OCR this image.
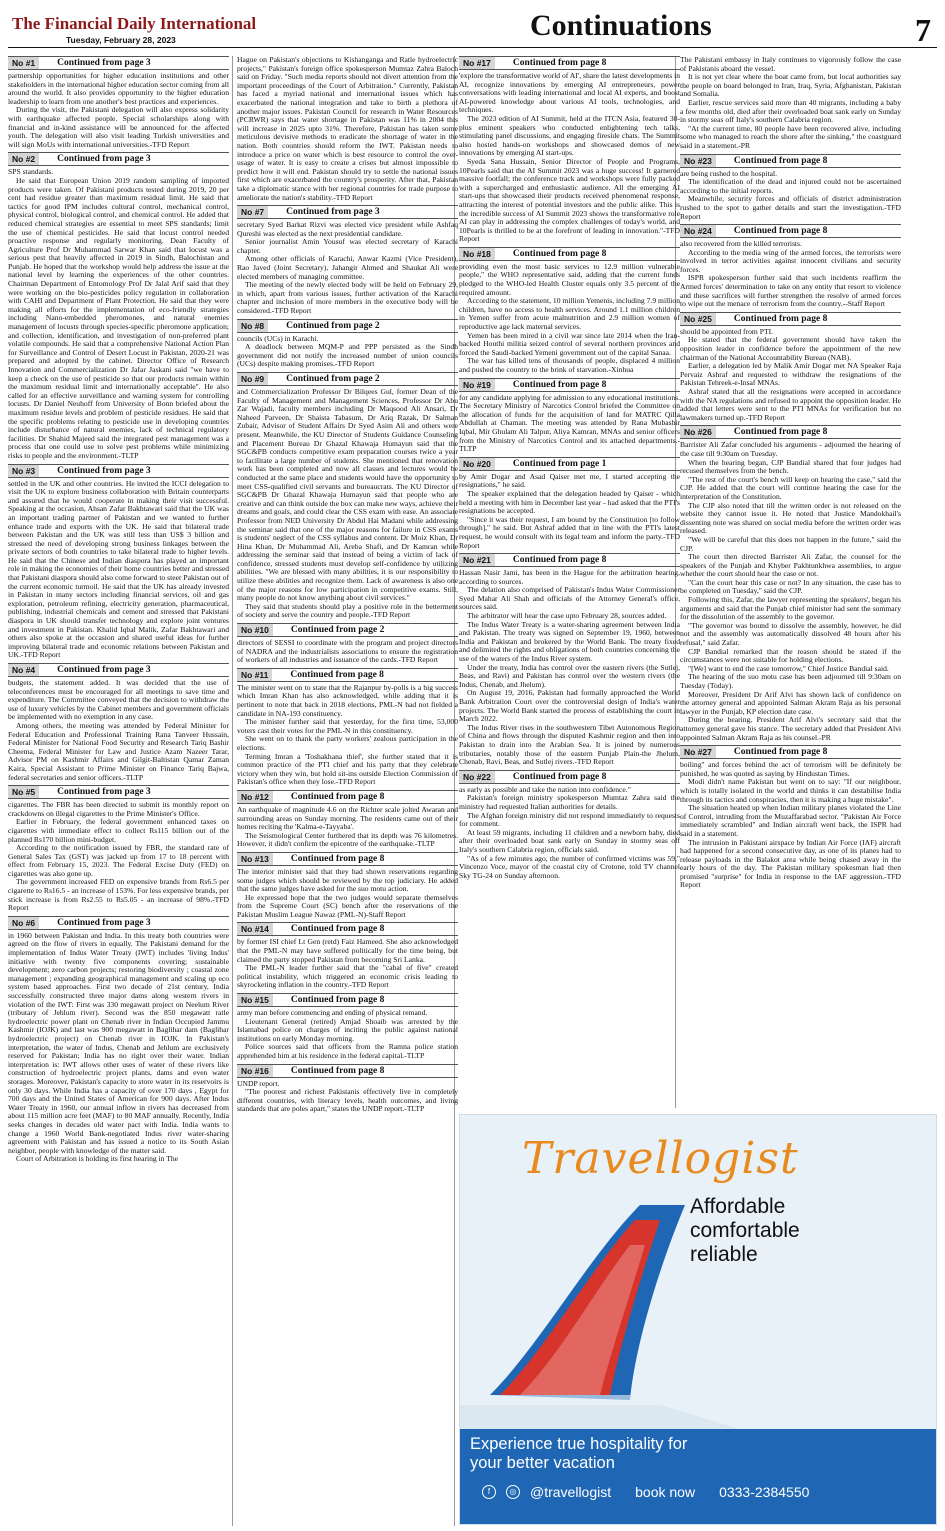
The Financial Daily International
Tuesday, February 28, 2023	Continuations	7
No #1	Continued from page 3

partnership opportunities for higher education institutions and other stakeholders in the international higher education sector coming from all around the world. It also provides opportunity to the higher education leadership to learn from one another's best practices and experiences.

During the visit, the Pakistani delegation will also express solidarity with earthquake affected people. Special scholarships along with financial and in-kind assistance will be announced for the affected youth. The delegation will also visit leading Turkish universities and will sign MoUs with international universities.-TFD Report

No #2	Continued from page 3

SPS standards.

He said that European Union 2019 random sampling of imported products were taken. Of Pakistani products tested during 2019, 20 per cent had residue greater than maximum residual limit. He said that tactics for good IPM includes cultural control, mechanical control, physical control, biological control, and chemical control. He added that reduced chemical strategies are essential to meet SPS standards; limit the use of chemical pesticides. He said that locust control needed proactive response and regularly monitoring. Dean Faculty of Agriculture Prof Dr Muhammad Sarwar Khan said that locust was a serious pest that heavily affected in 2019 in Sindh, Balochistan and Punjab. He hoped that the workshop would help address the issue at the national level by learning the experiences of the other countries. Chairman Department of Entomology Prof Dr Jalal Arif said that they were working on the bio-pesticides policy regulation in collaboration with CAHI and Department of Plant Protection. He said that they were making all efforts for the implementation of eco-friendly strategies including Nano-embedded pheromones, and natural enemies management of locusts through species-specific pheromone application; and collection, identification, and investigation of non-preferred plant volatile compounds. He said that a comprehensive National Action Plan for Surveillance and Control of Desert Locust in Pakistan, 2020-21 was prepared and adopted by the cabinet. Director Office of Research Innovation and Commercialization Dr Jafar Jaskani said "we have to keep a check on the use of pesticide so that our products remain within the maximum residual limit and internationally acceptable". He also called for an effective surveillance and warning system for controlling locusts. Dr Daniel Neuhoff from University of Bonn briefed about the maximum residue levels and problem of pesticide residues. He said that the specific problems relating to pesticide use in developing countries include disturbance of natural enemies, lack of technical regulatory facilities. Dr Shahid Majeed said the integrated pest management was a process that one could use to solve pest problems while minimizing risks to people and the environment.-TLTP

No #3	Continued from page 3

settled in the UK and other countries. He invited the ICCI delegation to visit the UK to explore business collaboration with Britain counterparts and assured that he would cooperate in making their visit successful. Speaking at the occasion, Ahsan Zafar Bakhtawari said that the UK was an important trading partner of Pakistan and we wanted to further enhance trade and exports with the UK. He said that bilateral trade between Pakistan and the UK was still less than US$ 3 billion and stressed the need of developing strong business linkages between the private sectors of both countries to take bilateral trade to higher levels. He said that the Chinese and Indian diaspora has played an important role in making the economies of their home countries better and stressed that Pakistani diaspora should also come forward to steer Pakistan out of the current economic turmoil. He said that the UK has already invested in Pakistan in many sectors including financial services, oil and gas exploration, petroleum refining, electricity generation, pharmaceutical, publishing, industrial chemicals and cement and stressed that Pakistani diaspora in UK should transfer technology and explore joint ventures and investment in Pakistan. Khalid Iqbal Malik, Zafar Bakhtawari and others also spoke at the occasion and shared useful ideas for further improving bilateral trade and economic relations between Pakistan and UK.-TFD Report

No #4	Continued from page 3

budgets, the statement added. It was decided that the use of teleconferences must be encouraged for all meetings to save time and expenditure. The Committee conveyed that the decision to withdraw the use of luxury vehicles by the Cabinet members and government officials be implemented with no exemption in any case.

Among others, the meeting was attended by Federal Minister for Federal Education and Professional Training Rana Tanveer Hussain, Federal Minister for National Food Security and Research Tariq Bashir Cheema, Federal Minister for Law and Justice Azam Nazeer Tarar, Advisor PM on Kashmir Affairs and Gilgit-Baltistan Qamar Zaman Kaira, Special Assistant to Prime Minister on Finance Tariq Bajwa, federal secretaries and senior officers.-TLTP

No #5	Continued from page 3

cigarettes. The FBR has been directed to submit its monthly report on crackdowns on illegal cigarettes to the Prime Minister's Office.

Earlier in February, the federal government enhanced taxes on cigarettes with immediate effect to collect Rs115 billion out of the planned Rs170 billion mini-budget.

According to the notification issued by FBR, the standard rate of General Sales Tax (GST) was jacked up from 17 to 18 percent with effect from February 15, 2023. The Federal Excise Duty (FED) on cigarettes was also gone up.

The government increased FED on expensive brands from Rs6.5 per cigarette to Rs16.5 - an increase of 153%. For less expensive brands, per stick increase is from Rs2.55 to Rs5.05 - an increase of 98%.-TFD Report

No #6	Continued from page 3

in 1960 between Pakistan and India. In this treaty both countries were agreed on the flow of rivers in equally. The Pakistani demand for the implementation of Indus Water Treaty (IWT) includes 'living Indus' initiative with twenty five components covering; sustainable development; zero carbon projects; restoring biodiversity ; coastal zone management ; expanding geographical management and scaling up eco system based approaches. First two decade of 21st century, India successfully constructed three major dams along western rivers in violation of the IWT: First was 330 megawatt project on Neelum River (tributary of Jehlum river). Second was the 850 megawatt ratle hydroelectric power plant on Chenab river in Indian Occupied Jammu Kashmir (IOJK) and last was 900 megawatt in Baglihar dam (Baglihar hydroelectric project) on Chenab river in IOJK. In Pakistan's interpretation, the water of Indus, Chenab and Jehlum are exclusively reserved for Pakistan; India has no right over their water. Indian interpretation is: IWT allows other uses of water of these rivers like construction of hydroelectric project plants, dams and even water storages. Moreover, Pakistan's capacity to store water in its reservoirs is only 30 days. While India has a capacity of over 170 days , Egypt for 700 days and the United States of American for 900 days. After Indus Water Treaty in 1960, our annual inflow in rivers has decreased from about 115 million acre feet (MAF) to 80 MAF annually. Recently, India seeks changes in decades old water pact with India. India wants to change a 1960 World Bank-negotiated Indus river water-sharing agreement with Pakistan and has issued a notice to its South Asian neighbor, people with knowledge of the matter said.

Court of Arbitration is holding its first hearing in The

Hague on Pakistan's objections to Kishanganga and Ratle hydroelectric projects," Pakistan's foreign office spokesperson Mumtaz Zahra Baloch said on Friday. "Such media reports should not divert attention from the important proceedings of the Court of Arbitration." Currently, Pakistan has faced a myriad national and international issues which has exacerbated the national integration and take to birth a plethora of another major issues. Pakistan Council for research in Water Resources (PCRWR) says that water shortage in Pakistan was 11% in 2004 this will increase in 2025 upto 31%. Therefore, Pakistan has taken some meticulous devisive methods to eradicate the shortage of water in the nation. Both countries should reform the IWT. Pakistan needs to introduce a price on water which is best resource to control the over-usage of water. It is easy to create a crises but almost impossible to predict how it will end. Pakistan should try to settle the national issues first which are exacerbated the country's prosperity. After that, Pakistan take a diplomatic stance with her regional countries for trade purpose to ameliorate the nation's stability.-TFD Report

No #7	Continued from page 3

secretary Syed Barkat Rizvi was elected vice president while Ashfaq Qureshi was elected as the next presidential candidate.

Senior journalist Amin Yousuf was elected secretary of Karachi chapter.

Among other officials of Karachi, Anwar Kazmi (Vice President), Rao Javed (Joint Secretary), Jahangir Ahmed and Shaukat Ali were elected members of managing committee.

The meeting of the newly elected body will be held on February 29, in which, apart from various issues, further activation of the Karachi chapter and inclusion of more members in the executive body will be considered.-TFD Report

No #8	Continued from page 2

councils (UCs) in Karachi.

A deadlock between MQM-P and PPP persisted as the Sindh government did not notify the increased number of union councils (UCs) despite making promises.-TFD Report

No #9	Continued from page 2

and Commercialization Professor Dr Bilqees Gul, former Dean of the Faculty of Management and Management Sciences, Professor Dr Abu Zar Wajadi, faculty members including Dr Maqsood Ali Ansari, Dr Naheed Parveen, Dr Shaista Tabasum, Dr Atiq Razak, Dr Salman Zubair, Advisor of Student Affairs Dr Syed Asim Ali and others were present. Meanwhile, the KU Director of Students Guidance Counseling and Placement Bureau Dr Ghazal Khawaja Humayun said that the SGC&PB conducts competitive exam preparation courses twice a year to facilitate a large number of students. She mentioned that renovation work has been completed and now all classes and lectures would be conducted at the same place and students would have the opportunity to meet CSS-qualified civil servants and bureaucrats. The KU Director of SGC&PB Dr Ghazal Khawaja Humayun said that people who are creative and can think outside the box can make new ways, achieve their dreams and goals, and could clear the CSS exam with ease. An associate Professor from NED University Dr Abdul Hai Madani while addressing the seminar said that one of the major reasons for failure in CSS exams is students' neglect of the CSS syllabus and content. Dr Moiz Khan, Dr Hina Khan, Dr Muhammad Ali, Areba Shafi, and Dr Kamran while addressing the seminar said that instead of being a victim of lack of confidence, stressed students must develop self-confidence by utilizing abilities. "We are blessed with many abilities, it is our responsibility to utilize these abilities and recognize them. Lack of awareness is also one of the major reasons for low participation in competitive exams. Still, many people do not know anything about civil services."

They said that students should play a positive role in the betterment of society and serve the country and people.-TFD Report

No #10	Continued from page 2

directors of SESSI to coordinate with the program and project directors of NADRA and the industrialists associations to ensure the registration of workers of all industries and issuance of the cards.-TFD Report

No #11	Continued from page 8

The minister went on to state that the Rajanpur by-polls is a big success which Imran Khan has also acknowledged, while adding that it is pertinent to note that back in 2018 elections, PML-N had not fielded a candidate in NA-193 constituency.

The minister further said that yesterday, for the first time, 53,000 voters cast their votes for the PML-N in this constituency.

She went on to thank the party workers' zealous participation in the elections.

Terming Imran a 'Toshakhana thief', she further stated that it is common practice of the PTI chief and his party that they celebrate victory when they win, but hold sit-ins outside Election Commission of Pakistan's office when they lose.-TFD Report

No #12	Continued from page 8

An earthquake of magnitude 4.6 on the Richter scale jolted Awaran and surrounding areas on Sunday morning. The residents came out of their homes reciting the 'Kalma-e-Tayyaba'.

The Seismological Center furthered that its depth was 76 kilometres. However, it didn't confirm the epicentre of the earthquake.-TLTP

No #13	Continued from page 8

The interior minister said that they had shown reservations regarding some judges which should be reviewed by the top judiciary. He added that the same judges have asked for the suo motu action.

He expressed hope that the two judges would separate themselves from the Supreme Court (SC) bench after the reservations of the Pakistan Muslim League Nawaz (PML-N)-Staff Report

No #14	Continued from page 8

by former ISI chief Lt Gen (retd) Faiz Hameed. She also acknowledged that the PML-N may have suffered politically for the time being, but claimed the party stopped Pakistan from becoming Sri Lanka.

The PML-N leader further said that the "cabal of five" created political instability, which triggered an economic crisis leading to skyrocketing inflation in the country.-TFD Report

No #15	Continued from page 8

army man before commencing and ending of physical remand.

Lieutenant General (retired) Amjad Shoaib was arrested by the Islamabad police on charges of inciting the public against national institutions on early Monday morning.

Police sources said that officers from the Ramna police station apprehended him at his residence in the federal capital.-TLTP

No #16	Continued from page 8

UNDP report.

"The poorest and richest Pakistanis effectively live in completely different countries, with literacy levels, health outcomes, and living standards that are poles apart," states the UNDP report.-TLTP

No #17	Continued from page 8

'explore the transformative world of AI', share the latest developments in AI, recognize innovations by emerging AI entrepreneurs, power conversations with leading international and local AI experts, and boost AI-powered knowledge about various AI tools, technologies, and techniques.

The 2023 edition of AI Summit, held at the ITCN Asia, featured 30-plus eminent speakers who conducted enlightening tech talks, stimulating panel discussions, and engaging fireside chats. The Summit also hosted hands-on workshops and showcased demos of new innovations by emerging AI start-ups.

Syeda Sana Hussain, Senior Director of People and Programs, 10Pearls said that the AI Summit 2023 was a huge success! It garnered massive footfall; the conference track and workshops were fully packed with a supercharged and enthusiastic audience. All the emerging AI start-ups that showcased their products received phenomenal response, attracting the interest of potential investors and the public alike. This is the incredible success of AI Summit 2023 shows the transformative role AI can play in addressing the complex challenges of today's world, and 10Pearls is thrilled to be at the forefront of leading in innovation."-TFD Report

No #18	Continued from page 8

providing even the most basic services to 12.9 million vulnerable people," the WHO representative said, adding that the current funds pledged to the WHO-led Health Cluster equals only 3.5 percent of the required amount.

According to the statement, 10 million Yemenis, including 7.9 million children, have no access to health services. Around 1.1 million children in Yemen suffer from acute malnutrition and 2.9 million women of reproductive age lack maternal services.

Yemen has been mired in a civil war since late 2014 when the Iran-backed Houthi militia seized control of several northern provinces and forced the Saudi-backed Yemeni government out of the capital Sanaa.

The war has killed tens of thousands of people, displaced 4 million and pushed the country to the brink of starvation.-Xinhua

No #19	Continued from page 8

for any candidate applying for admission to any educational institutions. The Secretary Ministry of Narcotics Control briefed the Committee on the allocation of funds for the acquisition of land for MATRC Qilla Abdullah at Chaman. The meeting was attended by Rana Mubashir Iqbal, Mir Ghulam Ali Talpur, Aliya Kamran, MNAs and senior officers from the Ministry of Narcotics Control and its attached departments.-TLTP

No #20	Continued from page 1

by Amir Dogar and Asad Qaiser met me, I started accepting the resignations," he said.

The speaker explained that the delegation headed by Qaiser - which held a meeting with him in December last year - had asked that the PTI's resignations be accepted.

"Since it was their request, I am bound by the Constitution [to follow through]," he said. But Ashraf added that in line with the PTI's latest request, he would consult with its legal team and inform the party.-TFD Report

No #21	Continued from page 8

Hassan Nasir Jami, has been in the Hague for the arbitration hearing, according to sources.

The delation also comprised of Pakistan's Indus Water Commissioner Syed Mahar Ali Shah and officials of the Attorney General's office, sources said.

The arbitrator will hear the case upto February 28, sources added.

The Indus Water Treaty is a water-sharing agreement between India and Pakistan. The treaty was signed on September 19, 1960, between India and Pakistan and brokered by the World Bank. The treaty fixed and delimited the rights and obligations of both countries concerning the use of the waters of the Indus River system.

Under the treaty, India has control over the eastern rivers (the Sutlej, Beas, and Ravi) and Pakistan has control over the western rivers (the Indus, Chenab, and Jhelum).

On August 19, 2016, Pakistan had formally approached the World Bank Arbitration Court over the controversial design of India's water projects. The World Bank started the process of establishing the court in March 2022.

The Indus River rises in the southwestern Tibet Autonomous Region of China and flows through the disputed Kashmir region and then into Pakistan to drain into the Arabian Sea. It is joined by numerous tributaries, notably those of the eastern Punjab Plain-the Jhelum, Chenab, Ravi, Beas, and Sutlej rivers.-TFD Report

No #22	Continued from page 8

as early as possible and take the nation into confidence."

Pakistan's foreign ministry spokesperson Mumtaz Zahra said the ministry had requested Italian authorities for details.

The Afghan foreign ministry did not respond immediately to requests for comment.

At least 59 migrants, including 11 children and a newborn baby, died after their overloaded boat sank early on Sunday in stormy seas off Italy's southern Calabria region, officials said.

"As of a few minutes ago, the number of confirmed victims was 59," Vincenzo Voce, mayor of the coastal city of Crotone, told TV channel Sky TG-24 on Sunday afternoon.

The Pakistani embassy in Italy continues to vigorously follow the case of Pakistanis aboard the vessel.

It is not yet clear where the boat came from, but local authorities say the people on board belonged to Iran, Iraq, Syria, Afghanistan, Pakistan and Somalia.

Earlier, rescue services said more than 40 migrants, including a baby a few months old, died after their overloaded boat sank early on Sunday in stormy seas off Italy's southern Calabria region.

"At the current time, 80 people have been recovered alive, including some who managed to reach the shore after the sinking," the coastguard said in a statement.-PR

No #23	Continued from page 8

are being rushed to the hospital.

The identification of the dead and injured could not be ascertained according to the initial reports.

Meanwhile, security forces and officials of district administration rushed to the spot to gather details and start the investigation.-TFD Report

No #24	Continued from page 8

also recovered from the killed terrorists.

According to the media wing of the armed forces, the terrorists were involved in terror activities against innocent civilians and security forces.

ISPR spokesperson further said that such incidents reaffirm the Armed forces' determination to take on any entity that resort to violence and these sacrifices will further strengthen the resolve of armed forces to wipe out the menace of terrorism from the country.--Staff Report

No #25	Continued from page 8

should be appointed from PTI.

He stated that the federal government should have taken the opposition leader in confidence before the appointment of the new chairman of the National Accountability Bureau (NAB).

Earlier, a delegation led by Malik Amir Dogar met NA Speaker Raja Pervaiz Ashraf and requested to withdraw the resignations of the Pakistan Tehreek-e-Insaf MNAs.

Ashraf stated that all the resignations were accepted in accordance with the NA regulations and refused to appoint the opposition leader. He added that letters were sent to the PTI MNAs for verification but no lawmakers turned up.-TFD Report

No #26	Continued from page 8

Barrister Ali Zafar concluded his arguments - adjourned the hearing of the case till 9:30am on Tuesday.

When the hearing began, CJP Bandial shared that four judges had recused themselves from the bench.

"The rest of the court's bench will keep on hearing the case," said the CJP. He added that the court will continue hearing the case for the interpretation of the Constitution.

The CJP also noted that till the written order is not released on the website they cannot issue it. He noted that Justice Mandokhail's dissenting note was shared on social media before the written order was released.

"We will be careful that this does not happen in the future," said the CJP.

The court then directed Barrister Ali Zafar, the counsel for the speakers of the Punjab and Khyber Pakhtunkhwa assemblies, to argue whether the court should hear the case or not.

"Can the court hear this case or not? In any situation, the case has to be completed on Tuesday," said the CJP.

Following this, Zafar, the lawyer representing the speakers', began his arguments and said that the Punjab chief minister had sent the summary for the dissolution of the assembly to the governor.

"The governor was bound to dissolve the assembly, however, he did not and the assembly was automatically dissolved 48 hours after his refusal," said Zafar.

CJP Bandial remarked that the reason should be stated if the circumstances were not suitable for holding elections.

"[We] want to end the case tomorrow," Chief Justice Bandial said.

The hearing of the suo motu case has been adjourned till 9:30am on Tuesday (Today).

Moreover, President Dr Arif Alvi has shown lack of confidence on the attorney general and appointed Salman Akram Raja as his personal lawyer in the Punjab, KP election date case.

During the hearing, President Arif Alvi's secretary said that the attorney general gave his stance. The secretary added that President Alvi appointed Salman Akram Raja as his counsel.-PR

No #27	Continued from page 8

boiling" and forces behind the act of terrorism will be definitely be punished, he was quoted as saying by Hindustan Times.

Modi didn't name Pakistan but went on to say: "If our neighbour, which is totally isolated in the world and thinks it can destabilise India through its tactics and conspiracies, then it is making a huge mistake".

The situation heated up when Indian military planes violated the Line of Control, intruding from the Muzaffarabad sector. "Pakistan Air Force immediately scrambled" and Indian aircraft went back, the ISPR had said in a statement.

The intrusion in Pakistani airspace by Indian Air Force (IAF) aircraft had happened for a second consecutive day, as one of its planes had to release payloads in the Balakot area while being chased away in the early hours of the day. The Pakistan military spokesman had then promised "surprise" for India in response to the IAF aggression.-TFD Report

Travellogist
Affordable
comfortable
reliable
Experience true hospitality for
your better vacation
f	◎ @travellogist book now 0333-2384550
